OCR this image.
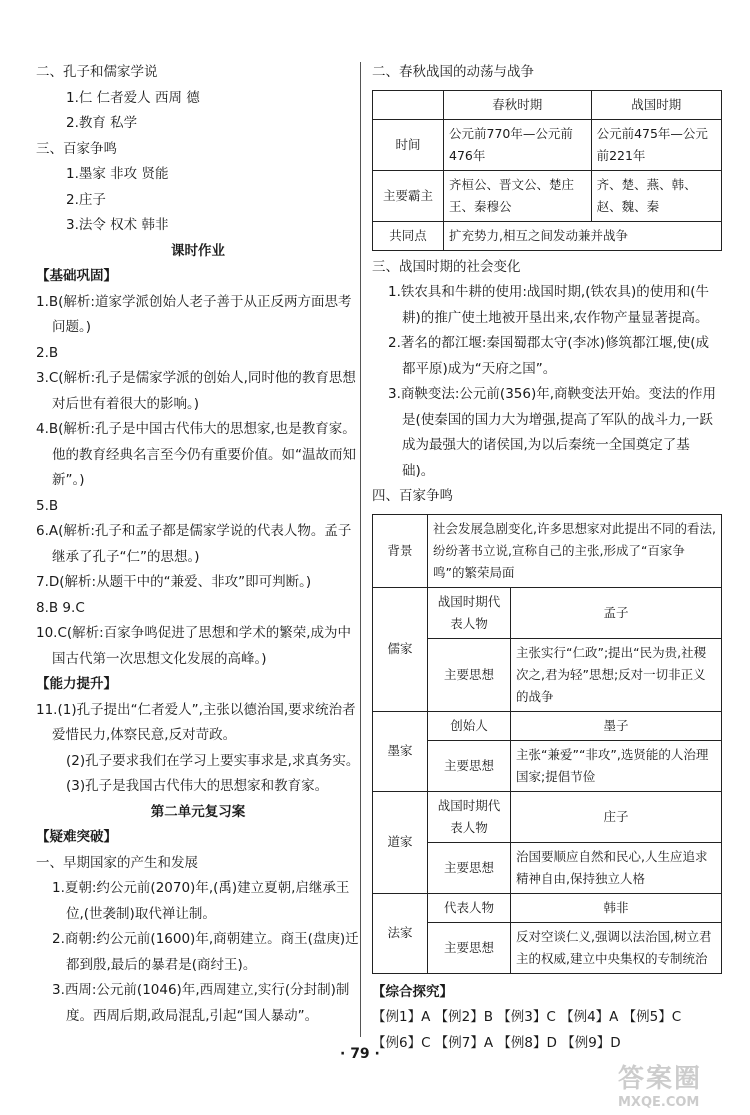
二、孔子和儒家学说

1.仁 仁者爱人 西周 德

2.教育 私学

三、百家争鸣

1.墨家 非攻 贤能

2.庄子

3.法令 权术 韩非

课时作业

【基础巩固】

1.B(解析:道家学派创始人老子善于从正反两方面思考问题。)

2.B

3.C(解析:孔子是儒家学派的创始人,同时他的教育思想对后世有着很大的影响。)

4.B(解析:孔子是中国古代伟大的思想家,也是教育家。他的教育经典名言至今仍有重要价值。如“温故而知新”。)

5.B

6.A(解析:孔子和孟子都是儒家学说的代表人物。孟子继承了孔子“仁”的思想。)

7.D(解析:从题干中的“兼爱、非攻”即可判断。)

8.B 9.C

10.C(解析:百家争鸣促进了思想和学术的繁荣,成为中国古代第一次思想文化发展的高峰。)

【能力提升】

11.(1)孔子提出“仁者爱人”,主张以德治国,要求统治者爱惜民力,体察民意,反对苛政。

(2)孔子要求我们在学习上要实事求是,求真务实。

(3)孔子是我国古代伟大的思想家和教育家。

第二单元复习案

【疑难突破】

一、早期国家的产生和发展

1.夏朝:约公元前(2070)年,(禹)建立夏朝,启继承王位,(世袭制)取代禅让制。

2.商朝:约公元前(1600)年,商朝建立。商王(盘庚)迁都到殷,最后的暴君是(商纣王)。

3.西周:公元前(1046)年,西周建立,实行(分封制)制度。西周后期,政局混乱,引起“国人暴动”。

二、春秋战国的动荡与战争

	春秋时期	战国时期
时间	公元前770年—公元前476年	公元前475年—公元前221年
主要霸主	齐桓公、晋文公、楚庄王、秦穆公	齐、楚、燕、韩、赵、魏、秦
共同点	扩充势力,相互之间发动兼并战争	

三、战国时期的社会变化

1.铁农具和牛耕的使用:战国时期,(铁农具)的使用和(牛耕)的推广使土地被开垦出来,农作物产量显著提高。

2.著名的都江堰:秦国蜀郡太守(李冰)修筑都江堰,使(成都平原)成为“天府之国”。

3.商鞅变法:公元前(356)年,商鞅变法开始。变法的作用是(使秦国的国力大为增强,提高了军队的战斗力,一跃成为最强大的诸侯国,为以后秦统一全国奠定了基础)。

四、百家争鸣

背景	社会发展急剧变化,许多思想家对此提出不同的看法,纷纷著书立说,宣称自己的主张,形成了“百家争鸣”的繁荣局面	
儒家	战国时期代表人物	孟子
	主要思想	主张实行“仁政”;提出“民为贵,社稷次之,君为轻”思想;反对一切非正义的战争
墨家	创始人	墨子
	主要思想	主张“兼爱”“非攻”,选贤能的人治理国家;提倡节俭
道家	战国时期代表人物	庄子
	主要思想	治国要顺应自然和民心,人生应追求精神自由,保持独立人格
法家	代表人物	韩非
	主要思想	反对空谈仁义,强调以法治国,树立君主的权威,建立中央集权的专制统治

【综合探究】

【例1】A 【例2】B 【例3】C 【例4】A 【例5】C

【例6】C 【例7】A 【例8】D 【例9】D

· 79 ·
答案圈
MXQE.COM
